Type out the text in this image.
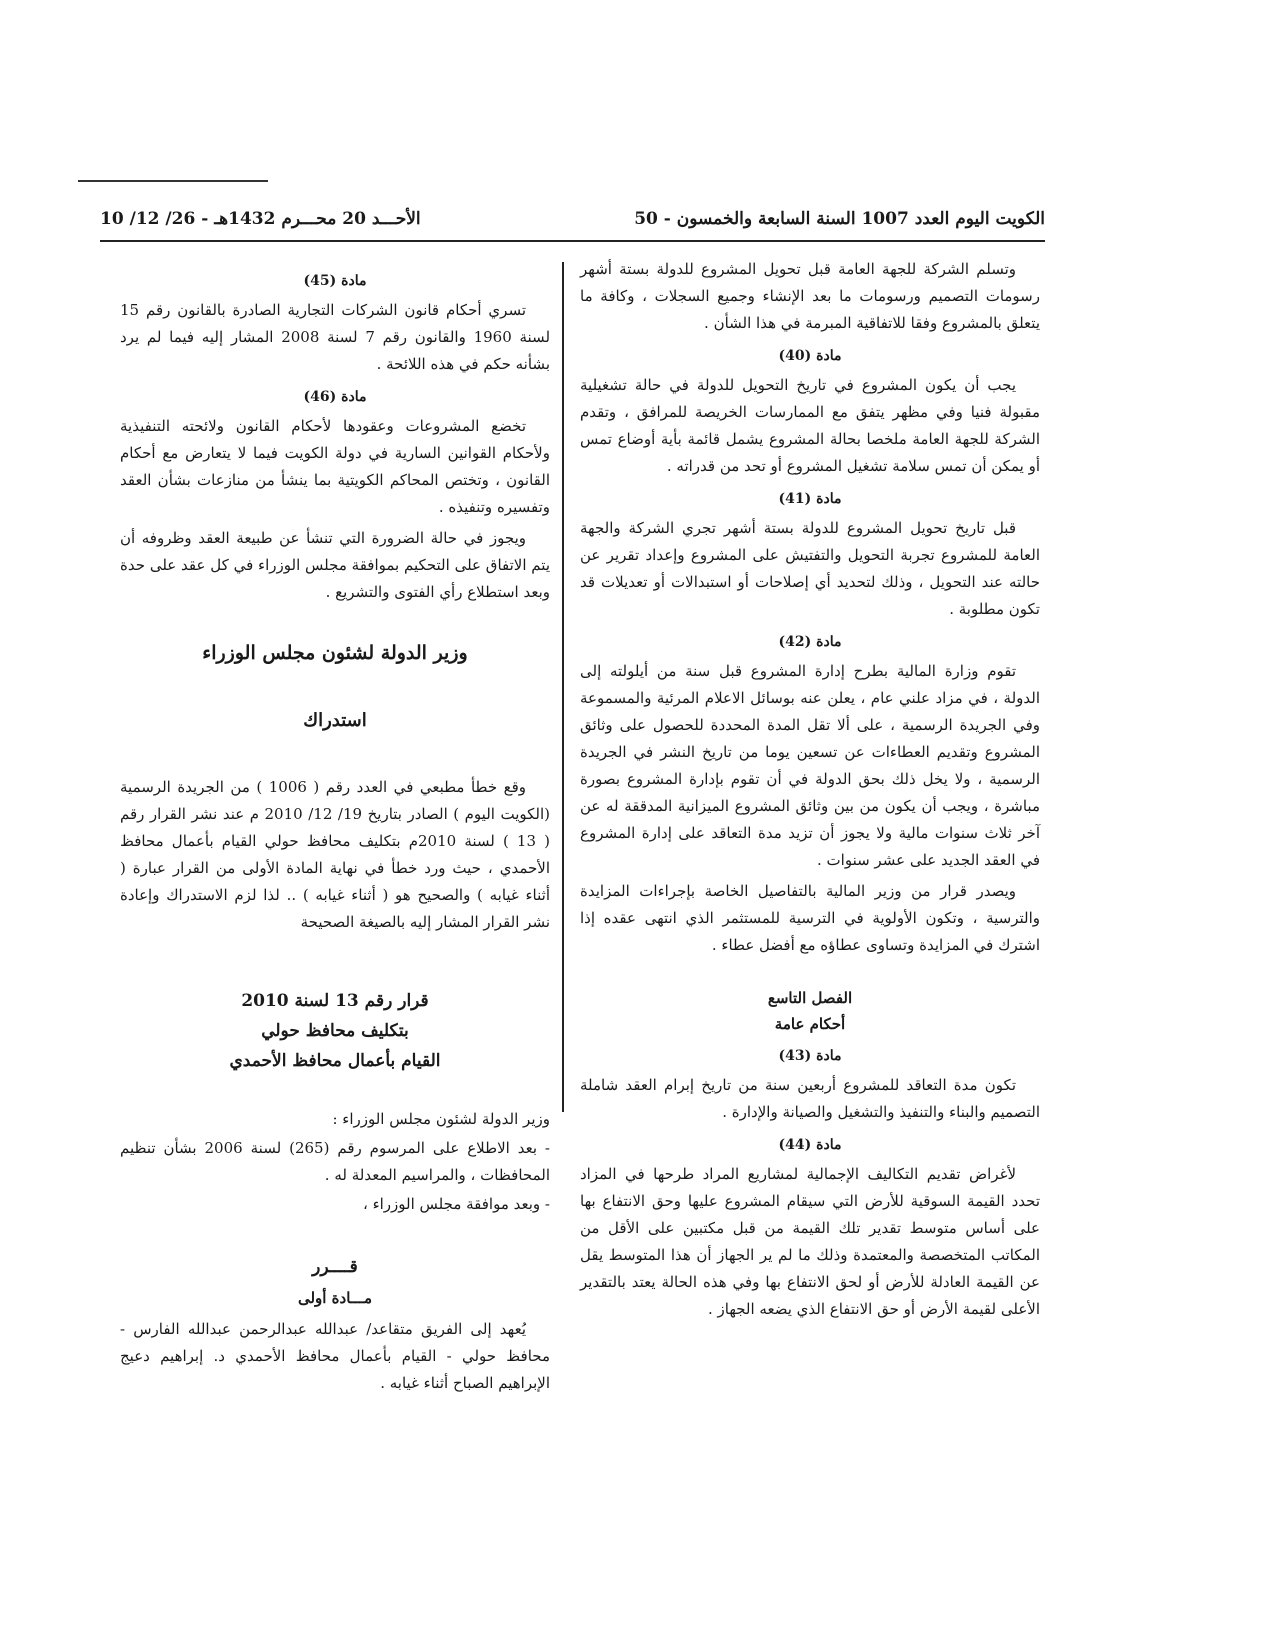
الكويت اليوم العدد 1007 السنة السابعة والخمسون - 50
الأحـــد 20 محـــرم 1432هـ - 26/ 12/ 10

وتسلم الشركة للجهة العامة قبل تحويل المشروع للدولة بستة أشهر رسومات التصميم ورسومات ما بعد الإنشاء وجميع السجلات ، وكافة ما يتعلق بالمشروع وفقا للاتفاقية المبرمة في هذا الشأن .

مادة (40)

يجب أن يكون المشروع في تاريخ التحويل للدولة في حالة تشغيلية مقبولة فنيا وفي مظهر يتفق مع الممارسات الخريصة للمرافق ، وتقدم الشركة للجهة العامة ملخصا بحالة المشروع يشمل قائمة بأية أوضاع تمس أو يمكن أن تمس سلامة تشغيل المشروع أو تحد من قدراته .

مادة (41)

قبل تاريخ تحويل المشروع للدولة بستة أشهر تجري الشركة والجهة العامة للمشروع تجربة التحويل والتفتيش على المشروع وإعداد تقرير عن حالته عند التحويل ، وذلك لتحديد أي إصلاحات أو استبدالات أو تعديلات قد تكون مطلوبة .

مادة (42)

تقوم وزارة المالية بطرح إدارة المشروع قبل سنة من أيلولته إلى الدولة ، في مزاد علني عام ، يعلن عنه بوسائل الاعلام المرئية والمسموعة وفي الجريدة الرسمية ، على ألا تقل المدة المحددة للحصول على وثائق المشروع وتقديم العطاءات عن تسعين يوما من تاريخ النشر في الجريدة الرسمية ، ولا يخل ذلك بحق الدولة في أن تقوم بإدارة المشروع بصورة مباشرة ، ويجب أن يكون من بين وثائق المشروع الميزانية المدققة له عن آخر ثلاث سنوات مالية ولا يجوز أن تزيد مدة التعاقد على إدارة المشروع في العقد الجديد على عشر سنوات .

ويصدر قرار من وزير المالية بالتفاصيل الخاصة بإجراءات المزايدة والترسية ، وتكون الأولوية في الترسية للمستثمر الذي انتهى عقده إذا اشترك في المزايدة وتساوى عطاؤه مع أفضل عطاء .

الفصل التاسع
أحكام عامة
مادة (43)

تكون مدة التعاقد للمشروع أربعين سنة من تاريخ إبرام العقد شاملة التصميم والبناء والتنفيذ والتشغيل والصيانة والإدارة .

مادة (44)

لأغراض تقديم التكاليف الإجمالية لمشاريع المراد طرحها في المزاد تحدد القيمة السوقية للأرض التي سيقام المشروع عليها وحق الانتفاع بها على أساس متوسط تقدير تلك القيمة من قبل مكتبين على الأقل من المكاتب المتخصصة والمعتمدة وذلك ما لم ير الجهاز أن هذا المتوسط يقل عن القيمة العادلة للأرض أو لحق الانتفاع بها وفي هذه الحالة يعتد بالتقدير الأعلى لقيمة الأرض أو حق الانتفاع الذي يضعه الجهاز .

مادة (45)

تسري أحكام قانون الشركات التجارية الصادرة بالقانون رقم 15 لسنة 1960 والقانون رقم 7 لسنة 2008 المشار إليه فيما لم يرد بشأنه حكم في هذه اللائحة .

مادة (46)

تخضع المشروعات وعقودها لأحكام القانون ولائحته التنفيذية ولأحكام القوانين السارية في دولة الكويت فيما لا يتعارض مع أحكام القانون ، وتختص المحاكم الكويتية بما ينشأ من منازعات بشأن العقد وتفسيره وتنفيذه .

ويجوز في حالة الضرورة التي تنشأ عن طبيعة العقد وظروفه أن يتم الاتفاق على التحكيم بموافقة مجلس الوزراء في كل عقد على حدة وبعد استطلاع رأي الفتوى والتشريع .

وزير الدولة لشئون مجلس الوزراء
استدراك

وقع خطأ مطبعي في العدد رقم ( 1006 ) من الجريدة الرسمية (الكويت اليوم ) الصادر بتاريخ 19/ 12/ 2010 م عند نشر القرار رقم ( 13 ) لسنة 2010م بتكليف محافظ حولي القيام بأعمال محافظ الأحمدي ، حيث ورد خطأ في نهاية المادة الأولى من القرار عبارة ( أثناء غيابه ) والصحيح هو ( أثناء غيابه ) .. لذا لزم الاستدراك وإعادة نشر القرار المشار إليه بالصيغة الصحيحة

قرار رقم 13 لسنة 2010
بتكليف محافظ حولي
القيام بأعمال محافظ الأحمدي

وزير الدولة لشئون مجلس الوزراء :

- بعد الاطلاع على المرسوم رقم (265) لسنة 2006 بشأن تنظيم المحافظات ، والمراسيم المعدلة له .

- وبعد موافقة مجلس الوزراء ،

قــــرر
مـــادة أولى

يُعهد إلى الفريق متقاعد/ عبدالله عبدالرحمن عبدالله الفارس - محافظ حولي - القيام بأعمال محافظ الأحمدي د. إبراهيم دعيج الإبراهيم الصباح أثناء غيابه .
